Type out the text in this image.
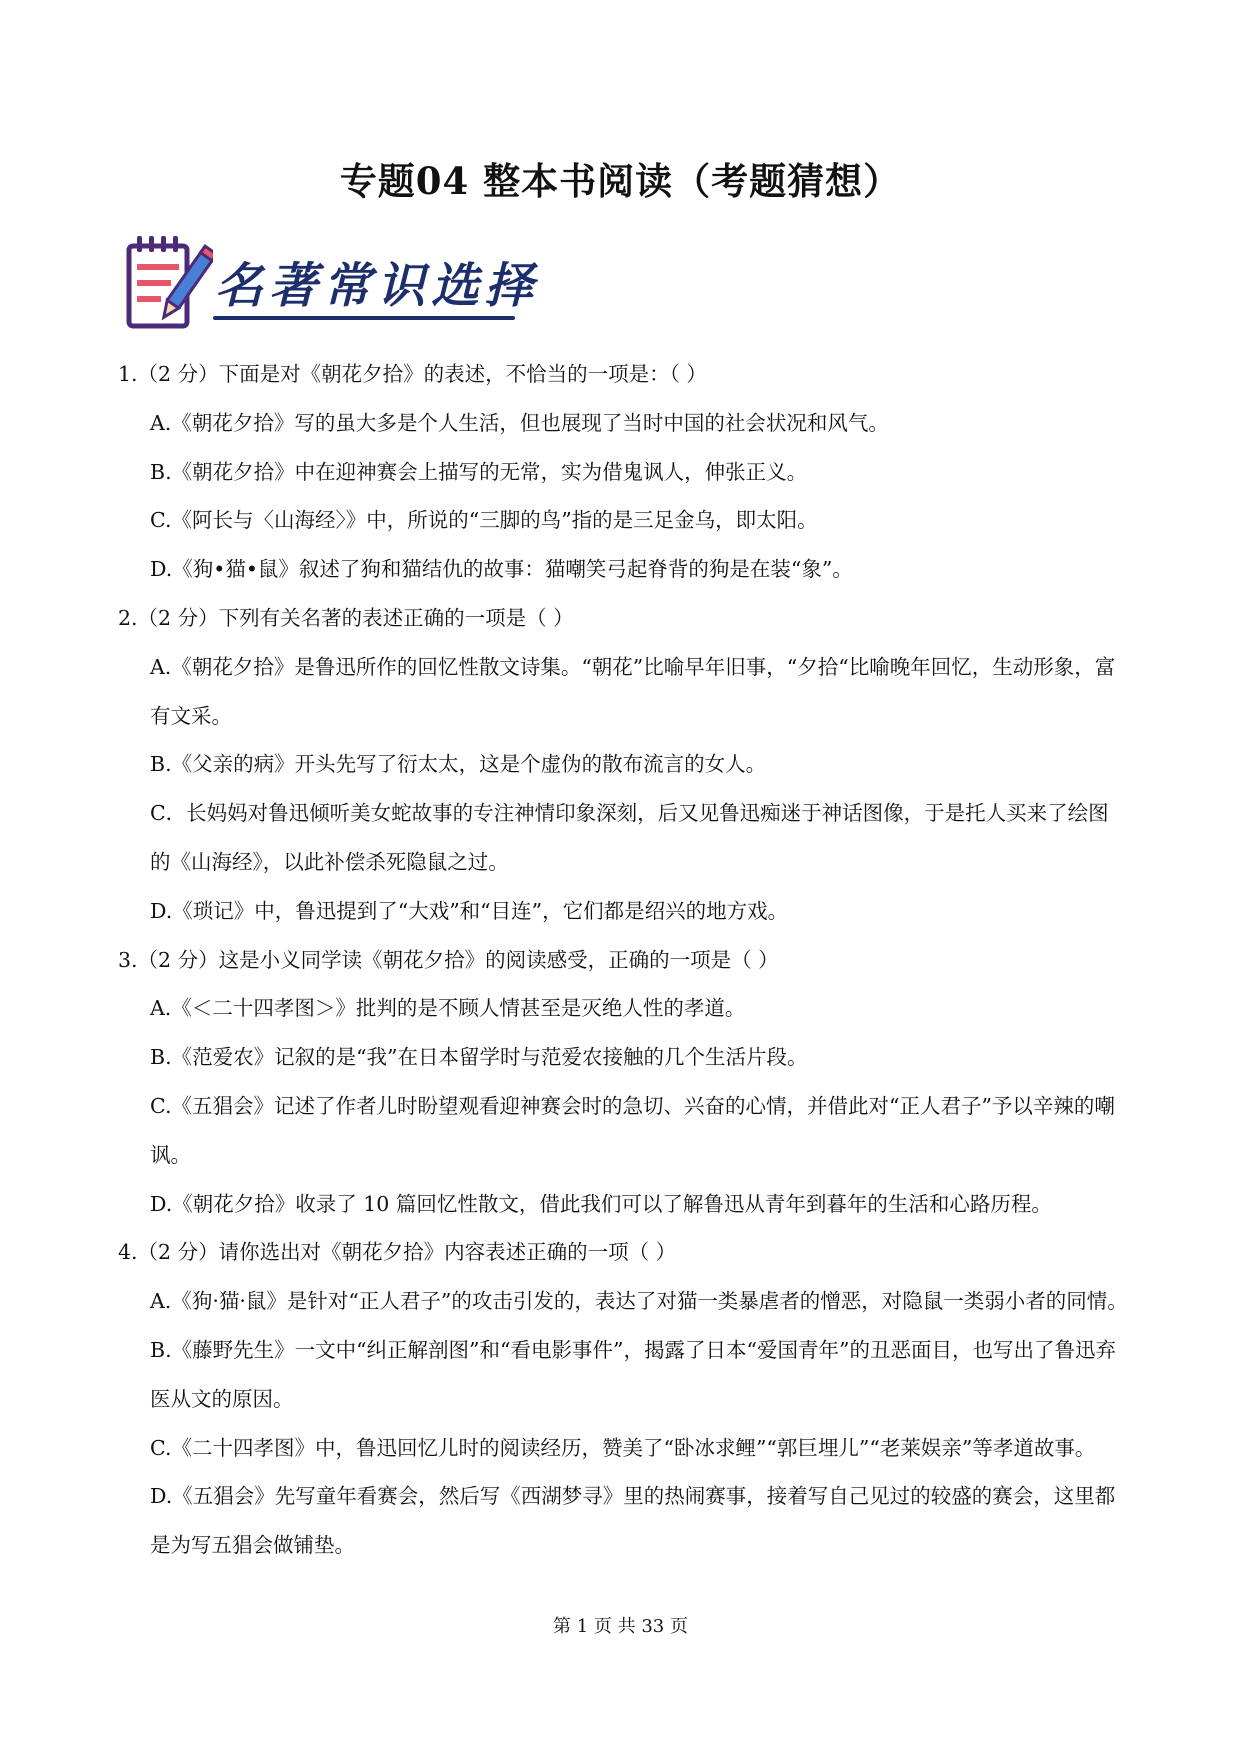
专题04 整本书阅读（考题猜想）
名著常识选择

1.（2 分）下面是对《朝花夕拾》的表述，不恰当的一项是：（ ）

A.《朝花夕拾》写的虽大多是个人生活，但也展现了当时中国的社会状况和风气。

B.《朝花夕拾》中在迎神赛会上描写的无常，实为借鬼讽人，伸张正义。

C.《阿长与〈山海经〉》中，所说的“三脚的鸟”指的是三足金乌，即太阳。

D.《狗•猫•鼠》叙述了狗和猫结仇的故事：猫嘲笑弓起脊背的狗是在装“象”。

2.（2 分）下列有关名著的表述正确的一项是（ ）

A.《朝花夕拾》是鲁迅所作的回忆性散文诗集。“朝花”比喻早年旧事，“夕拾“比喻晚年回忆，生动形象，富有文采。

B.《父亲的病》开头先写了衍太太，这是个虚伪的散布流言的女人。

C．长妈妈对鲁迅倾听美女蛇故事的专注神情印象深刻，后又见鲁迅痴迷于神话图像，于是托人买来了绘图的《山海经》，以此补偿杀死隐鼠之过。

D.《琐记》中，鲁迅提到了“大戏”和“目连”，它们都是绍兴的地方戏。

3.（2 分）这是小义同学读《朝花夕拾》的阅读感受，正确的一项是（ ）

A.《＜二十四孝图＞》批判的是不顾人情甚至是灭绝人性的孝道。

B.《范爱农》记叙的是“我”在日本留学时与范爱农接触的几个生活片段。

C.《五猖会》记述了作者儿时盼望观看迎神赛会时的急切、兴奋的心情，并借此对“正人君子”予以辛辣的嘲讽。

D.《朝花夕拾》收录了 10 篇回忆性散文，借此我们可以了解鲁迅从青年到暮年的生活和心路历程。

4.（2 分）请你选出对《朝花夕拾》内容表述正确的一项（ ）

A.《狗·猫·鼠》是针对“正人君子”的攻击引发的，表达了对猫一类暴虐者的憎恶，对隐鼠一类弱小者的同情。

B.《藤野先生》一文中“纠正解剖图”和“看电影事件”，揭露了日本“爱国青年”的丑恶面目，也写出了鲁迅弃医从文的原因。

C.《二十四孝图》中，鲁迅回忆儿时的阅读经历，赞美了“卧冰求鲤”“郭巨埋儿”“老莱娱亲”等孝道故事。

D.《五猖会》先写童年看赛会，然后写《西湖梦寻》里的热闹赛事，接着写自己见过的较盛的赛会，这里都是为写五猖会做铺垫。

第 1 页 共 33 页
